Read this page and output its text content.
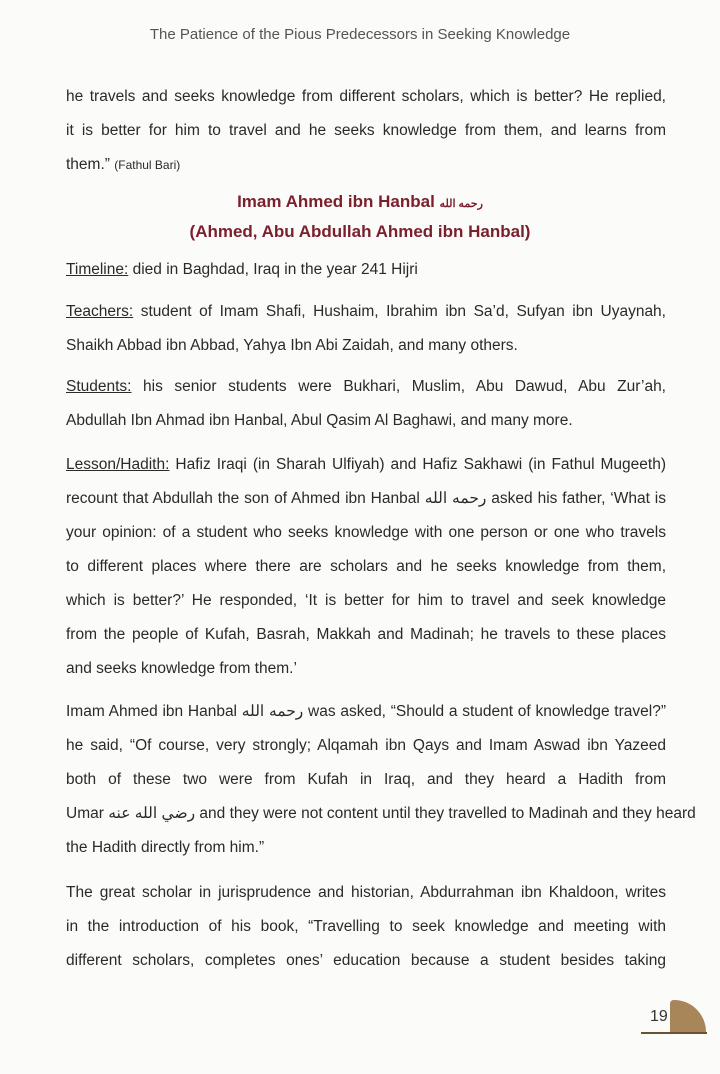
The Patience of the Pious Predecessors in Seeking Knowledge
he travels and seeks knowledge from different scholars, which is better? He replied,
it is better for him to travel and he seeks knowledge from them, and learns from
them.” (Fathul Bari)
Imam Ahmed ibn Hanbal رحمه الله
(Ahmed, Abu Abdullah Ahmed ibn Hanbal)
Timeline: died in Baghdad, Iraq in the year 241 Hijri
Teachers: student of Imam Shafi, Hushaim, Ibrahim ibn Sa’d, Sufyan ibn Uyaynah,
Shaikh Abbad ibn Abbad, Yahya Ibn Abi Zaidah, and many others.
Students: his senior students were Bukhari, Muslim, Abu Dawud, Abu Zur’ah,
Abdullah Ibn Ahmad ibn Hanbal, Abul Qasim Al Baghawi, and many more.
Lesson/Hadith: Hafiz Iraqi (in Sharah Ulfiyah) and Hafiz Sakhawi (in Fathul Mugeeth)
recount that Abdullah the son of Ahmed ibn Hanbal رحمه الله asked his father, ‘What is
your opinion: of a student who seeks knowledge with one person or one who travels
to different places where there are scholars and he seeks knowledge from them,
which is better?’ He responded, ‘It is better for him to travel and seek knowledge
from the people of Kufah, Basrah, Makkah and Madinah; he travels to these places
and seeks knowledge from them.’
Imam Ahmed ibn Hanbal رحمه الله was asked, “Should a student of knowledge travel?”
he said, “Of course, very strongly; Alqamah ibn Qays and Imam Aswad ibn Yazeed
both of these two were from Kufah in Iraq, and they heard a Hadith from
Umar رضي الله عنه and they were not content until they travelled to Madinah and they heard
the Hadith directly from him.”
The great scholar in jurisprudence and historian, Abdurrahman ibn Khaldoon, writes
in the introduction of his book, “Travelling to seek knowledge and meeting with
different scholars, completes ones’ education because a student besides taking
19
